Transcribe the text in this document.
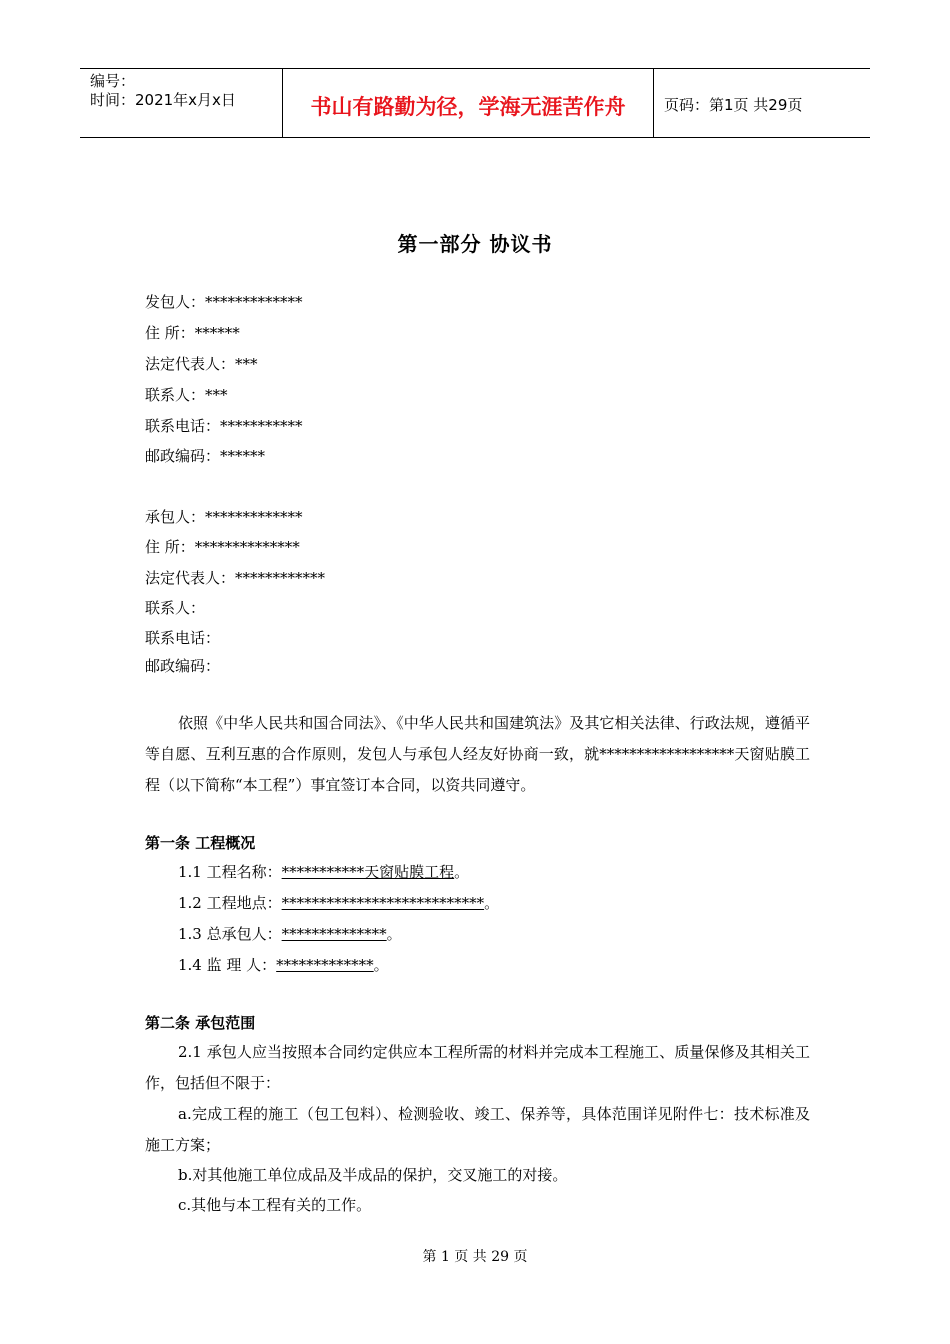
编号：
时间：2021年x月x日	书山有路勤为径，学海无涯苦作舟	页码：第1页 共29页
第一部分 协议书
发包人：*************
住 所：******
法定代表人：***
联系人：***
联系电话：***********
邮政编码：******
承包人：*************
住 所：**************
法定代表人：************
联系人：
联系电话：
邮政编码：
依照《中华人民共和国合同法》、《中华人民共和国建筑法》及其它相关法律、行政法规，遵循平等自愿、互利互惠的合作原则，发包人与承包人经友好协商一致，就******************天窗贴膜工程（以下简称“本工程”）事宜签订本合同，以资共同遵守。
第一条 工程概况
1.1 工程名称：***********天窗贴膜工程。
1.2 工程地点：***************************。
1.3 总承包人：**************。
1.4 监 理 人：*************。
第二条 承包范围
2.1 承包人应当按照本合同约定供应本工程所需的材料并完成本工程施工、质量保修及其相关工作，包括但不限于：
a.完成工程的施工（包工包料）、检测验收、竣工、保养等，具体范围详见附件七：技术标准及施工方案；
b.对其他施工单位成品及半成品的保护，交叉施工的对接。
c.其他与本工程有关的工作。
第 1 页 共 29 页
